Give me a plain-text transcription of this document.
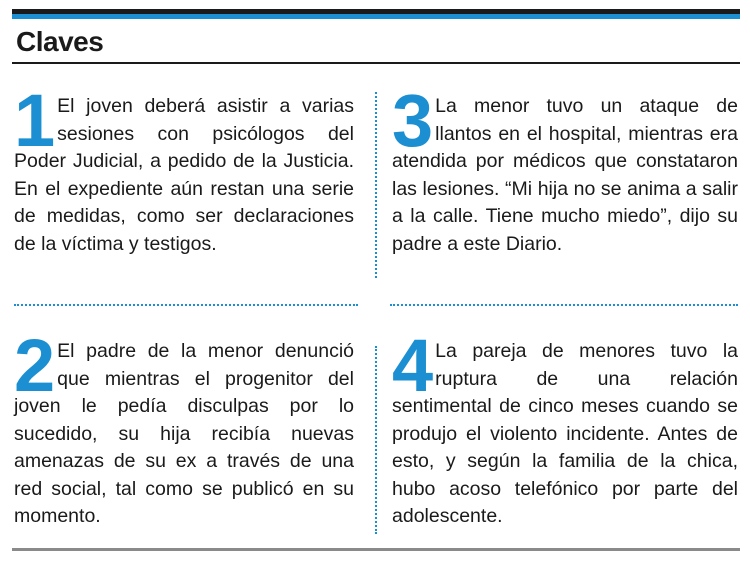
Claves
1 El joven deberá asistir a varias sesiones con psicólogos del Poder Judicial, a pedido de la Justicia. En el expediente aún restan una serie de medidas, como ser declaraciones de la víctima y testigos.
2 El padre de la menor denunció que mientras el progenitor del joven le pedía disculpas por lo sucedido, su hija recibía nuevas amenazas de su ex a través de una red social, tal como se publicó en su momento.
3 La menor tuvo un ataque de llantos en el hospital, mientras era atendida por médicos que constataron las lesiones. “Mi hija no se anima a salir a la calle. Tiene mucho miedo”, dijo su padre a este Diario.
4 La pareja de menores tuvo la ruptura de una relación sentimental de cinco meses cuando se produjo el violento incidente. Antes de esto, y según la familia de la chica, hubo acoso telefónico por parte del adolescente.
